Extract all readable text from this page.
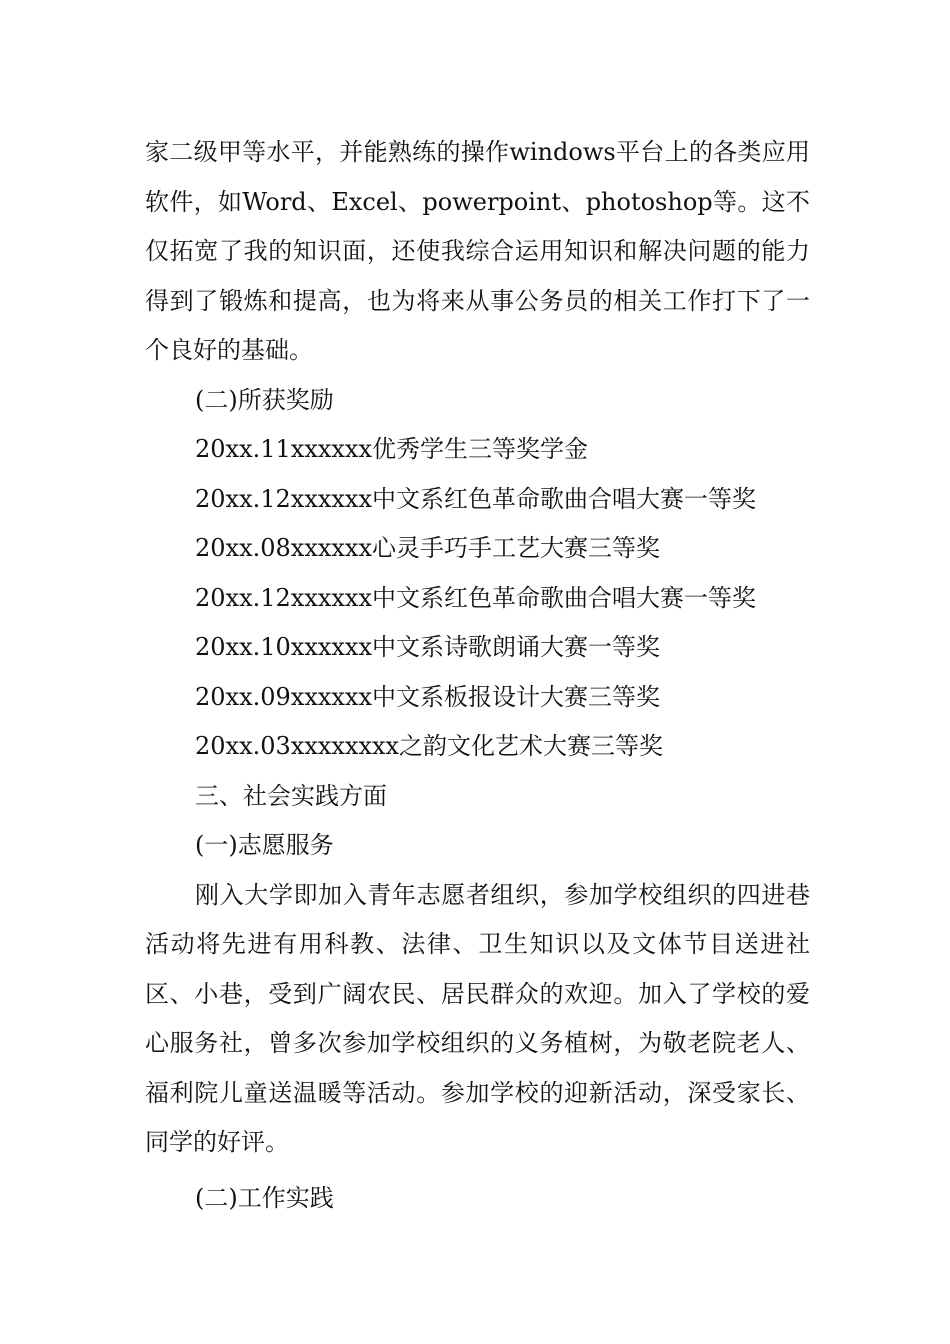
家二级甲等水平，并能熟练的操作windows平台上的各类应用软件，如Word、Excel、powerpoint、photoshop等。这不仅拓宽了我的知识面，还使我综合运用知识和解决问题的能力得到了锻炼和提高，也为将来从事公务员的相关工作打下了一个良好的基础。

(二)所获奖励

20xx.11xxxxxx优秀学生三等奖学金

20xx.12xxxxxx中文系红色革命歌曲合唱大赛一等奖

20xx.08xxxxxx心灵手巧手工艺大赛三等奖

20xx.12xxxxxx中文系红色革命歌曲合唱大赛一等奖

20xx.10xxxxxx中文系诗歌朗诵大赛一等奖

20xx.09xxxxxx中文系板报设计大赛三等奖

20xx.03xxxxxxxx之韵文化艺术大赛三等奖

三、社会实践方面

(一)志愿服务

刚入大学即加入青年志愿者组织，参加学校组织的四进巷活动将先进有用科教、法律、卫生知识以及文体节目送进社区、小巷，受到广阔农民、居民群众的欢迎。加入了学校的爱心服务社，曾多次参加学校组织的义务植树，为敬老院老人、福利院儿童送温暖等活动。参加学校的迎新活动，深受家长、同学的好评。

(二)工作实践
